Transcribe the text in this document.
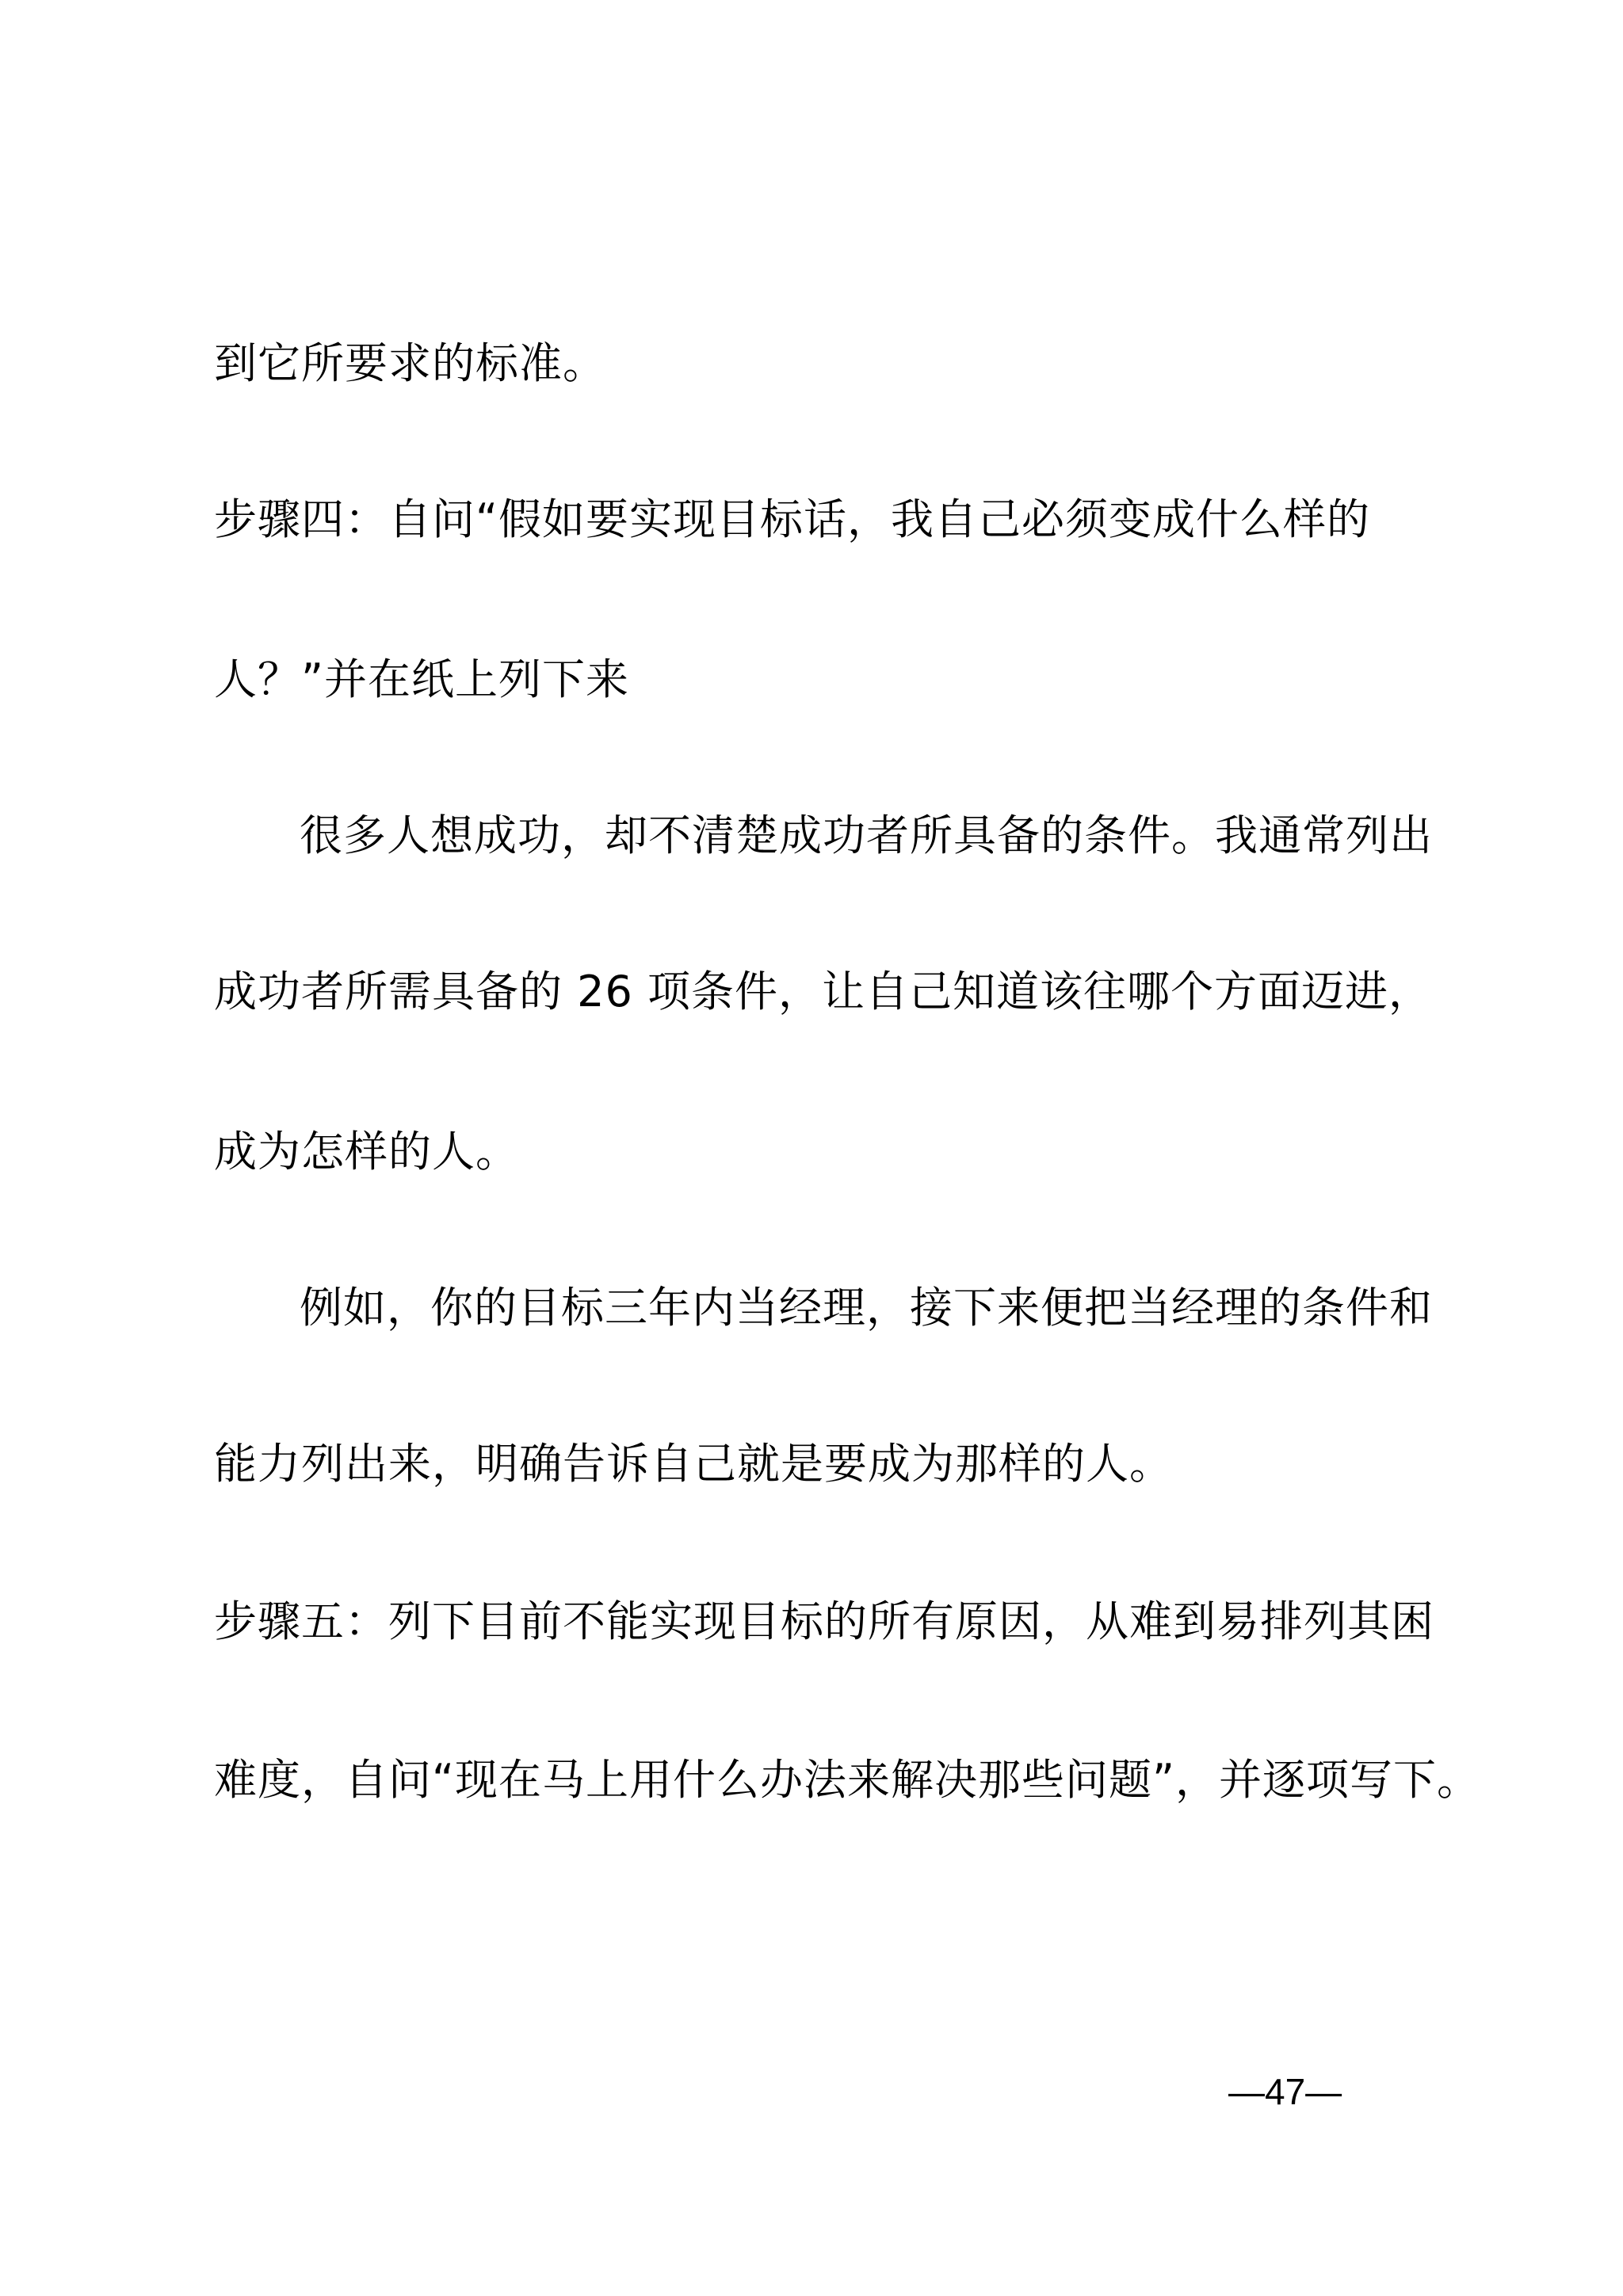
到它所要求的标准。
步骤四：自问“假如要实现目标话，我自己必须变成什么样的
人？”并在纸上列下来
很多人想成功，却不清楚成功者所具备的条件。我通常列出
成功者所需具备的 26 项条件，让自己知道该往哪个方面迈进，
成为怎样的人。
例如，你的目标三年内当经理，接下来便把当经理的条件和
能力列出来，明确告诉自己就是要成为那样的人。
步骤五：列下目前不能实现目标的所有原因，从难到易排列其困
难度，自问“现在马上用什么办法来解决那些问题”，并逐项写下。
—47—
